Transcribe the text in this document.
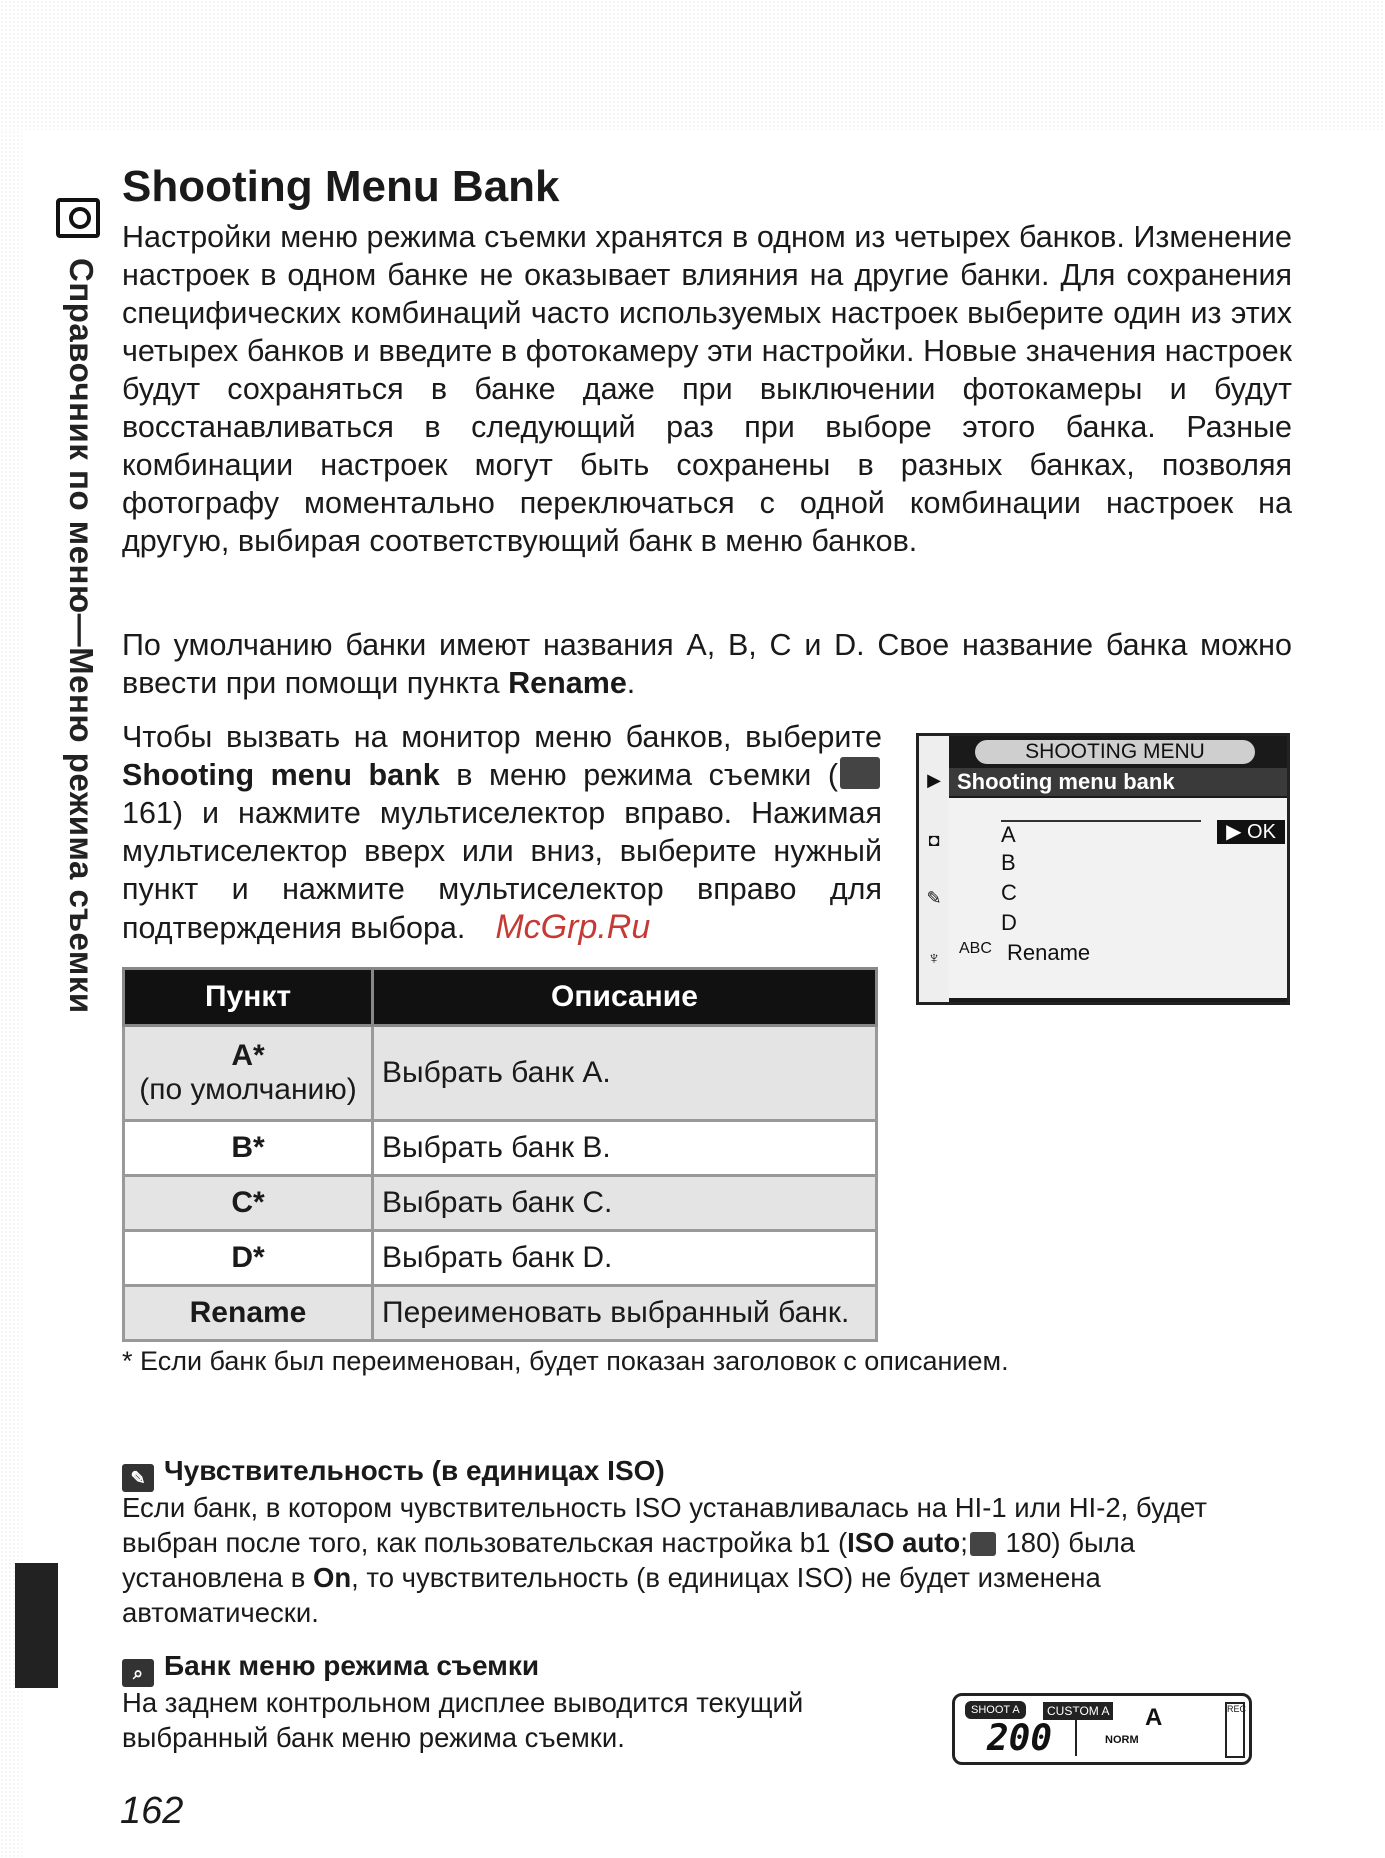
Справочник по меню—Меню режима съемки
Shooting Menu Bank

Настройки меню режима съемки хранятся в одном из четырех банков. Изменение настроек в одном банке не оказывает влияния на другие банки. Для сохранения специфических комбинаций часто используемых настроек выберите один из этих четырех банков и введите в фотокамеру эти настройки. Новые значения настроек будут сохраняться в банке даже при выключении фотокамеры и будут восстанавливаться в следующий раз при выборе этого банка. Разные комбинации настроек могут быть сохранены в разных банках, позволяя фотографу моментально переключаться с одной комбинации настроек на другую, выбирая соответствующий банк в меню банков.

По умолчанию банки имеют названия A, B, C и D. Свое название банка можно ввести при помощи пункта Rename.

Чтобы вызвать на монитор меню банков, выберите Shooting menu bank в меню режима съемки ( 161) и нажмите мультиселектор вправо. Нажимая мультиселектор вверх или вниз, выберите нужный пункт и нажмите мультиселектор вправо для подтверждения выбора. McGrp.Ru

▶
◘
✎
♆
SHOOTING MENU
Shooting menu bank
A	▶ OK
B
C
D
ABC Rename
Пункт	Описание
A*
(по умолчанию)	Выбрать банк A.
B*	Выбрать банк B.
C*	Выбрать банк C.
D*	Выбрать банк D.
Rename	Переименовать выбранный банк.

* Если банк был переименован, будет показан заголовок с описанием.

✎ Чувствительность (в единицах ISO)

Если банк, в котором чувствительность ISO устанавливалась на HI-1 или HI-2, будет выбран после того, как пользовательская настройка b1 (ISO auto; 180) была установлена в On, то чувствительность (в единицах ISO) не будет изменена автоматически.

⌕ Банк меню режима съемки

На заднем контрольном дисплее выводится текущий выбранный банк меню режима съемки.

SHOOT A	CUSTOM A
200	NORM
A	REC
162
